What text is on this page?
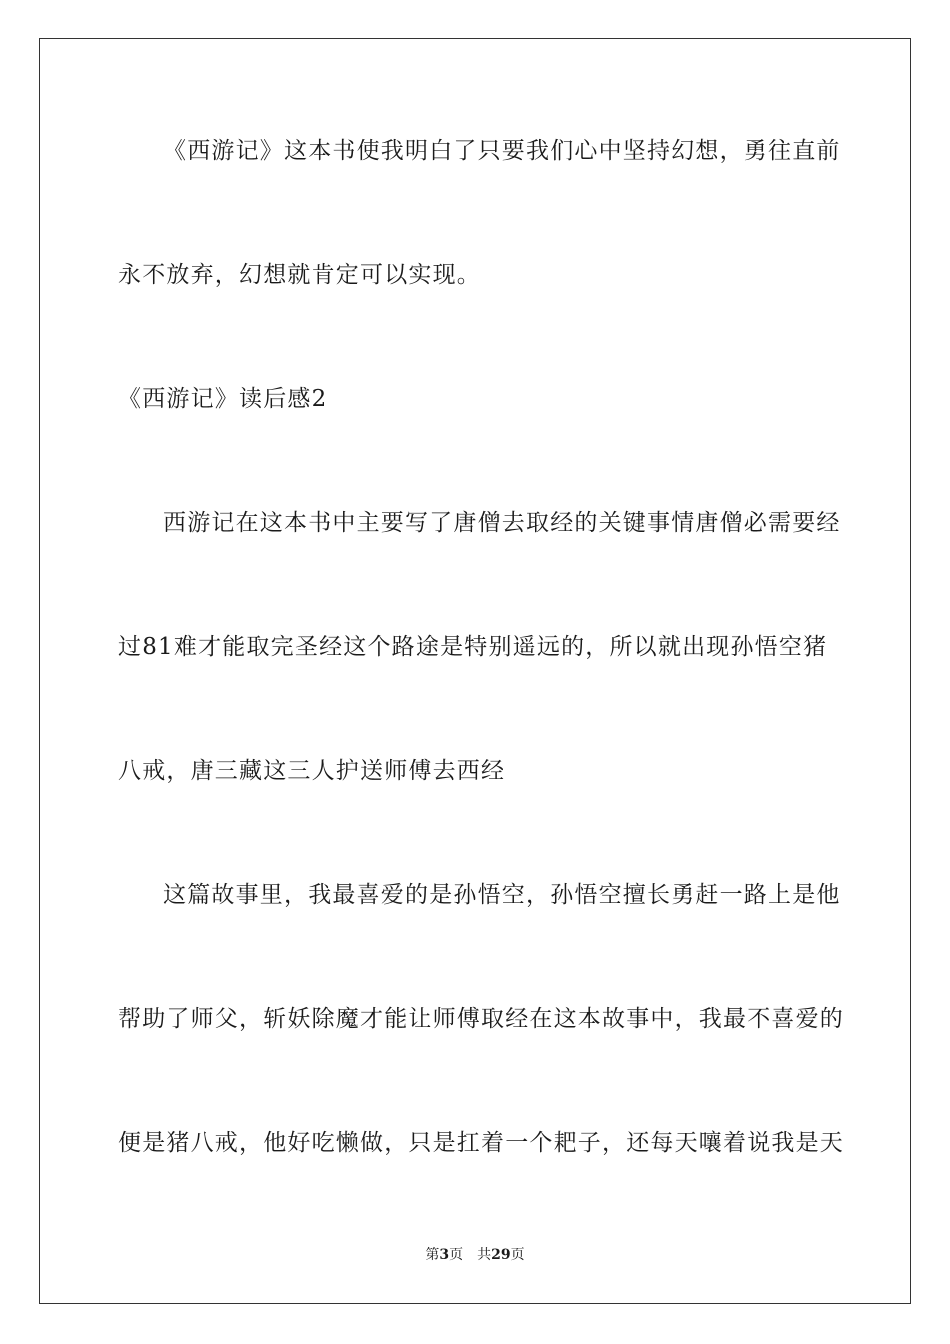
《西游记》这本书使我明白了只要我们心中坚持幻想，勇往直前
永不放弃，幻想就肯定可以实现。
《西游记》读后感2
西游记在这本书中主要写了唐僧去取经的关键事情唐僧必需要经
过81难才能取完圣经这个路途是特别遥远的，所以就出现孙悟空猪
八戒，唐三藏这三人护送师傅去西经
这篇故事里，我最喜爱的是孙悟空，孙悟空擅长勇赶一路上是他
帮助了师父，斩妖除魔才能让师傅取经在这本故事中，我最不喜爱的
便是猪八戒，他好吃懒做，只是扛着一个耙子，还每天嚷着说我是天
第3页 共29页
